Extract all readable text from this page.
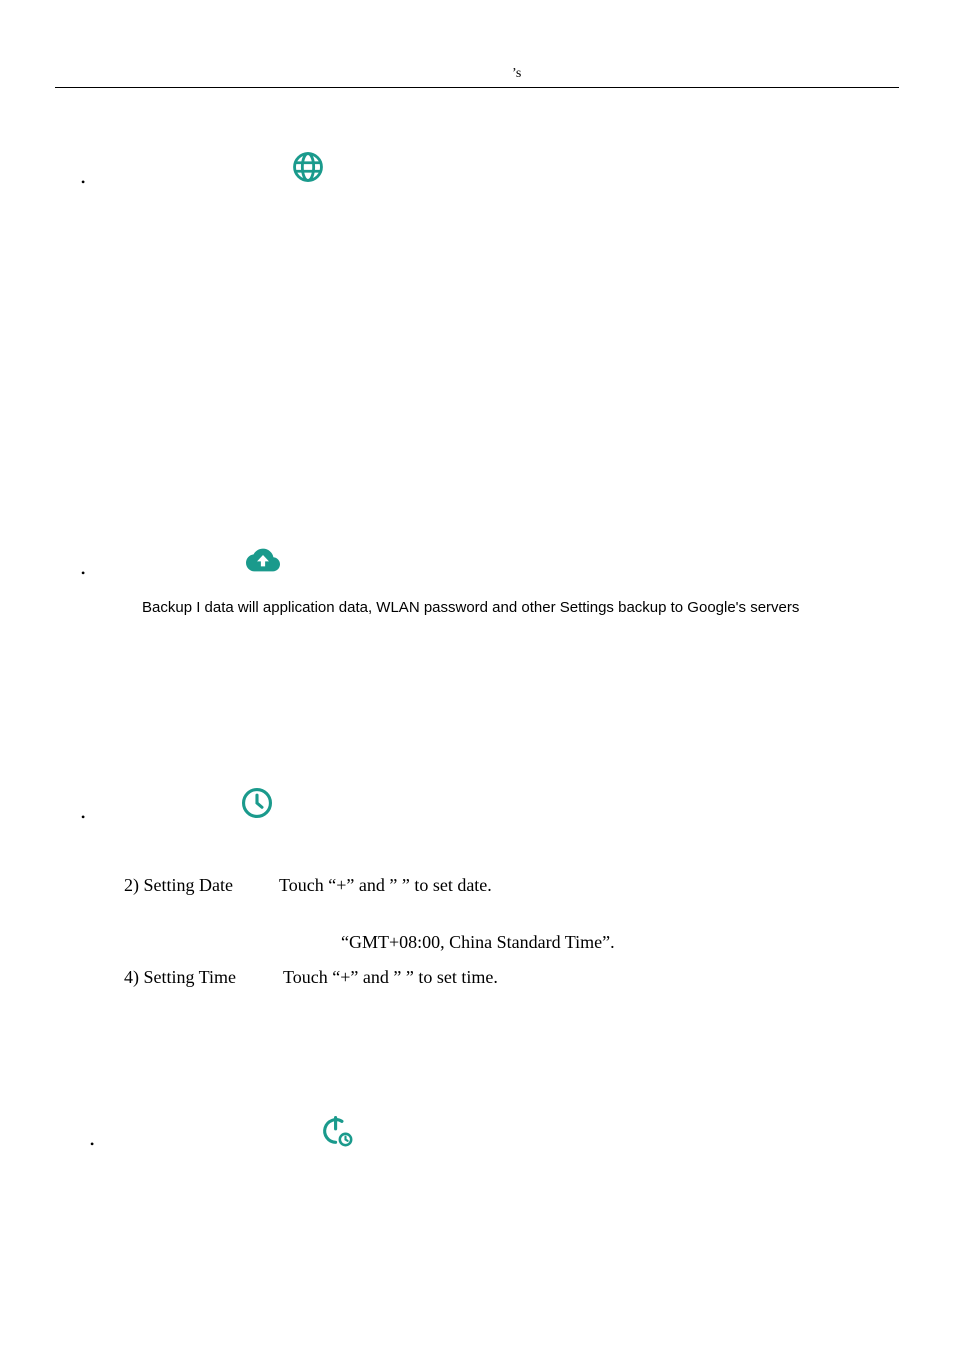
’s
•
•
Backup I data will application data, WLAN password and other Settings backup to Google's servers
•
2) Setting Date	Touch “+” and ” ” to set date.
“GMT+08:00, China Standard Time”.
4) Setting Time	Touch “+” and ” ” to set time.
•
